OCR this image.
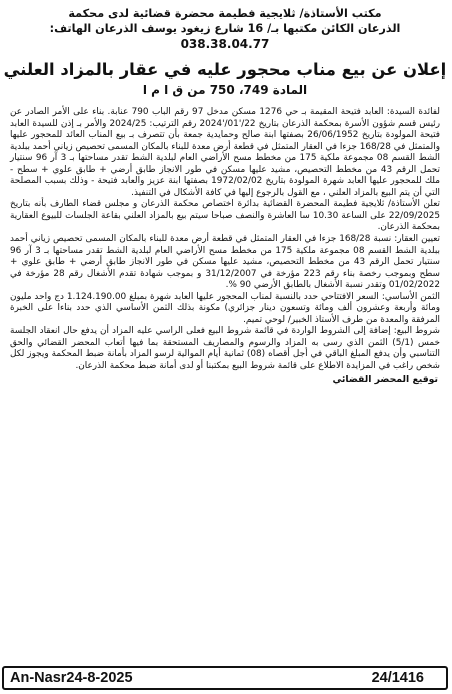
مكتب الأستاذة/ ثلايجية فطيمة محضرة قضائية لدى محكمة
الذرعان الكائن مكتبها بـ/ 16 شارع زيغود يوسف الذرعان الهاتف:
038.38.04.77
إعلان عن بيع مناب محجور عليه في عقار بالمزاد العلني
المادة 749، 750 من ق ا م ا

لفائدة السيدة: العابد فتيحة المقيمة بـ حي 1276 مسكن مدخل 97 رقم الباب 790 عنابة. بناء على الأمر الصادر عن رئيس قسم شؤون الأسرة بمحكمة الذرعان بتاريخ 22/'01/'2024 رقم الترتيب: 2024/25 والأمر بـ إذن للسيدة العابد فتيحة المولودة بتاريخ 26/06/1952 بصفتها ابنة صالح وحمايدية جمعة بأن تتصرف بـ بيع المناب العائد للمحجور عليها والمتمثل في 168/28 جزءا في العقار المتمثل في قطعة أرض معدة للبناء بالمكان المسمى تحصيص زياني أحمد ببلدية الشط القسم 08 مجموعة ملكية 175 من مخطط مسح الأراضي العام لبلدية الشط تقدر مساحتها بـ 3 آر 96 سنتيار تحمل الرقم 43 من مخطط التحصيص، مشيد عليها مسكن في طور الانجاز طابق أرضي + طابق علوي + سطح - ملك للمحجور عليها العابد شهرة المولودة بتاريخ 1972/02/02 بصفتها ابنة عزيز والعابد فتيحة - وذلك بسبب المصلحة التي أن يتم البيع بالمزاد العلني ، مع القول بالرجوع إليها في كافة الأشكال في التنفيذ.

تعلن الأستاذة/ ثلايجية فطيمة المحضرة القضائية بدائرة اختصاص محكمة الذرعان و مجلس قضاء الطارف بأنه بتاريخ 22/09/2025 على الساعة 10.30 سا العاشرة والنصف صباحا سيتم بيع بالمزاد العلني بقاعة الجلسات للبيوع العقارية بمحكمة الذرعان.

تعيين العقار: نسبة 168/28 جزءا في العقار المتمثل في قطعة أرض معدة للبناء بالمكان المسمى تحصيص زياني أحمد ببلدية الشط القسم 08 مجموعة ملكية 175 من مخطط مسح الأراضي العام لبلدية الشط تقدر مساحتها بـ 3 آر 96 سنتيار تحمل الرقم 43 من مخطط التحصيص، مشيد عليها مسكن في طور الانجاز طابق أرضي + طابق علوي + سطح وبموجب رخصة بناء رقم 223 مؤرخة في 31/12/2007 و بموجب شهادة تقدم الأشغال رقم 28 مؤرخة في 01/02/2022 وتقدر نسبة الأشغال بالطابق الأرضي 90 %.

الثمن الأساسي: السعر الافتتاحي حدد بالنسبة لمناب المحجور عليها العابد شهرة بمبلغ 1.124.190.00 دج واحد مليون ومائة وأربعة وعشرون ألف ومائة وتسعون دينار جزائري) مكونة بذلك الثمن الأساسي الذي حدد بناءا على الخبرة المرفقة والمعدة من طرف الأستاذ الخبير/ لوحي تميم.

شروط البيع: إضافة إلى الشروط الواردة في قائمة شروط البيع فعلى الراسي عليه المزاد أن يدفع حال انعقاد الجلسة خمس (5/1) الثمن الذي رسى به المزاد والرسوم والمصاريف المستحقة بما فيها أتعاب المحضر القضائي والحق التناسبي وأن يدفع المبلغ الباقي في أجل أقصاه (08) ثمانية أيام الموالية لرسو المزاد بأمانة ضبط المحكمة ويجوز لكل شخص راغب في المزايدة الاطلاع على قائمة شروط البيع بمكتبنا أو لدى أمانة ضبط محكمة الذرعان.

توقيع المحضر القضائي
An-Nasr24-8-2025	24/1416
